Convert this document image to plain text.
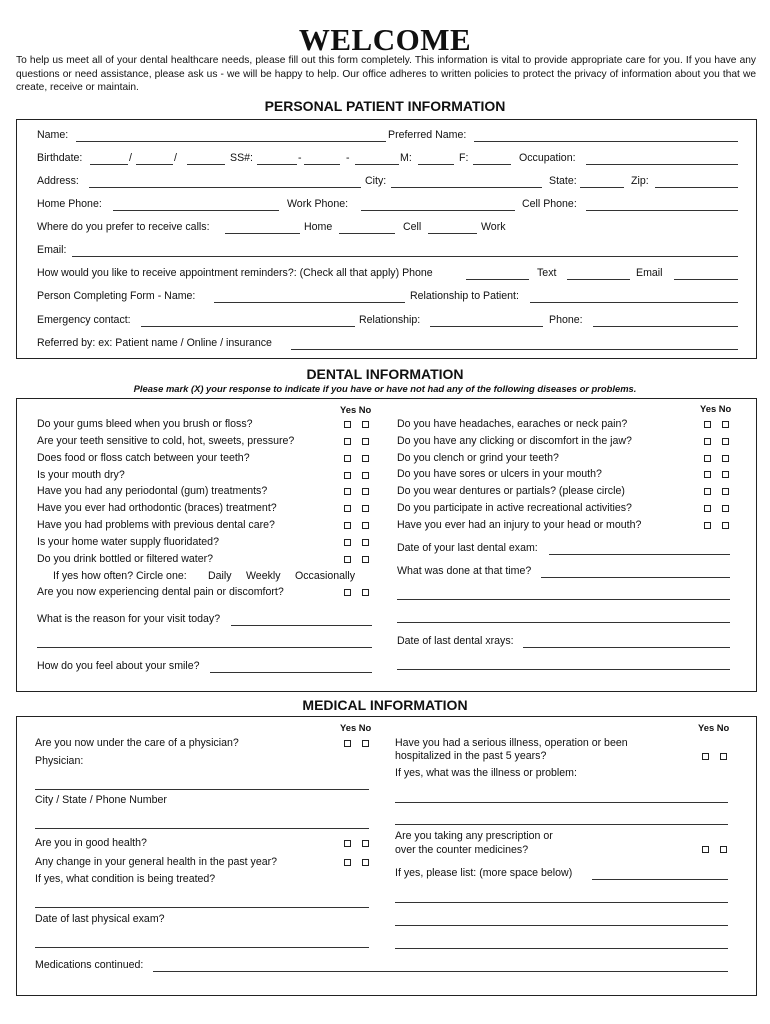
WELCOME
To help us meet all of your dental healthcare needs, please fill out this form completely. This information is vital to provide appropriate care for you. If you have any questions or need assistance, please ask us - we will be happy to help. Our office adheres to written policies to protect the privacy of information about you that we create, receive or maintain.
PERSONAL PATIENT INFORMATION
Name:	Preferred Name:
Birthdate:	/	/	SS#:	-	-	M:	F:	Occupation:
Address:	City:	State:	Zip:
Home Phone:	Work Phone:	Cell Phone:
Where do you prefer to receive calls:	Home	Cell	Work
Email:
How would you like to receive appointment reminders?: (Check all that apply) Phone	Text	Email
Person Completing Form - Name:	Relationship to Patient:
Emergency contact:	Relationship:	Phone:
Referred by: ex: Patient name / Online / insurance
DENTAL INFORMATION
Please mark (X) your response to indicate if you have or have not had any of the following diseases or problems.
Yes No	Yes No
Do your gums bleed when you brush or floss?
Are your teeth sensitive to cold, hot, sweets, pressure?
Does food or floss catch between your teeth?
Is your mouth dry?
Have you had any periodontal (gum) treatments?
Have you ever had orthodontic (braces) treatment?
Have you had problems with previous dental care?
Is your home water supply fluoridated?
Do you drink bottled or filtered water?
If yes how often? Circle one: Daily Weekly Occasionally
Are you now experiencing dental pain or discomfort?
What is the reason for your visit today?
How do you feel about your smile?
Do you have headaches, earaches or neck pain?
Do you have any clicking or discomfort in the jaw?
Do you clench or grind your teeth?
Do you have sores or ulcers in your mouth?
Do you wear dentures or partials? (please circle)
Do you participate in active recreational activities?
Have you ever had an injury to your head or mouth?
Date of your last dental exam:
What was done at that time?
Date of last dental xrays:
MEDICAL INFORMATION
Yes No	Yes No
Are you now under the care of a physician?
Physician:
City / State / Phone Number
Are you in good health?
Any change in your general health in the past year?
If yes, what condition is being treated?
Date of last physical exam?
Have you had a serious illness, operation or been
hospitalized in the past 5 years?
If yes, what was the illness or problem:
Are you taking any prescription or
over the counter medicines?
If yes, please list: (more space below)
Medications continued:
